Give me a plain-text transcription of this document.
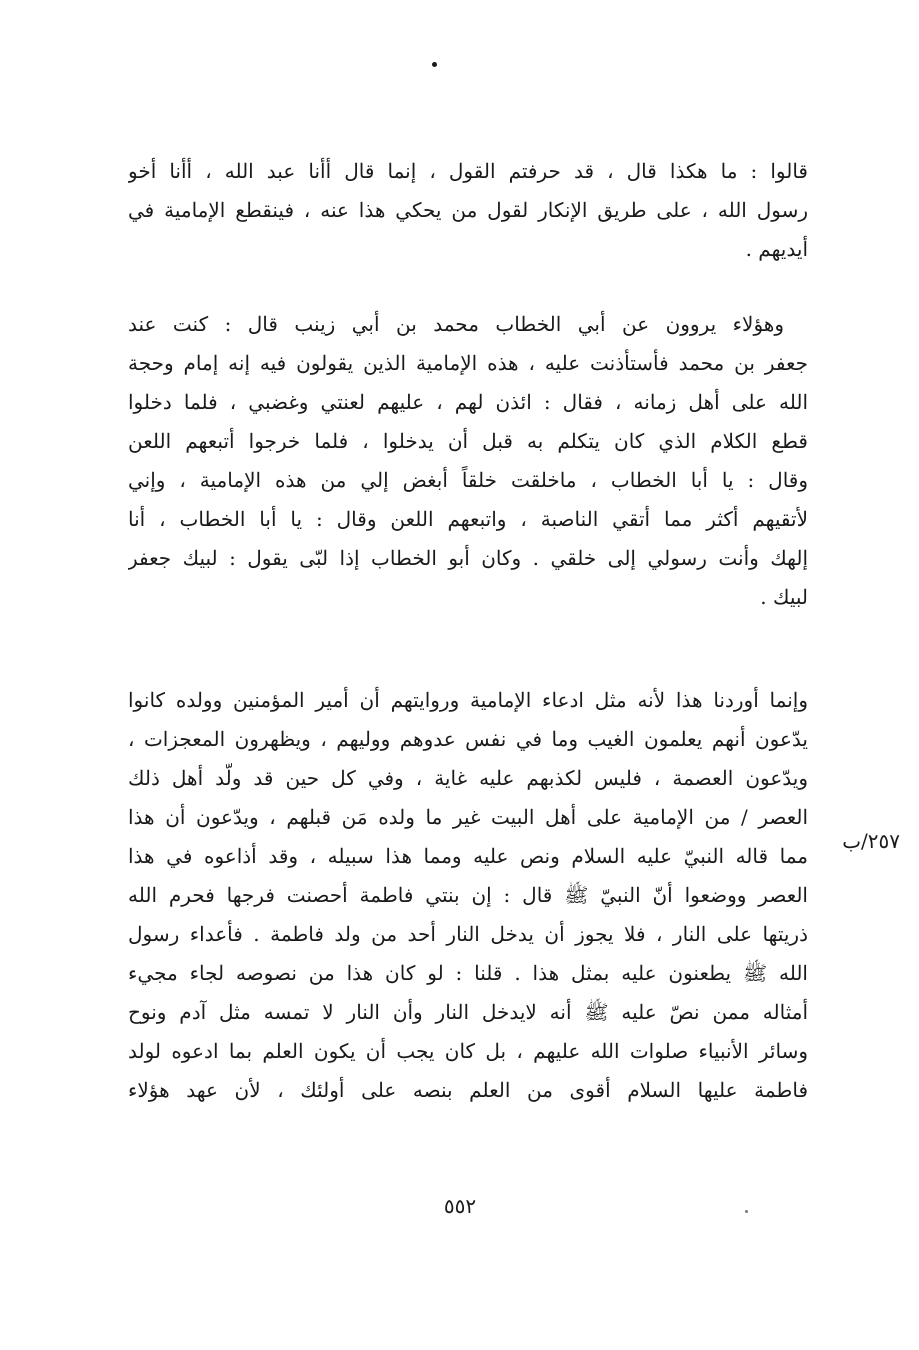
قالوا : ما هكذا قال ، قد حرفتم القول ، إنما قال أأنا عبد الله ، أأنا أخو
رسول الله ، على طريق الإنكار لقول من يحكي هذا عنه ، فينقطع الإمامية في
أيديهم .
وهؤلاء يروون عن أبي الخطاب محمد بن أبي زينب قال : كنت عند
جعفر بن محمد فأستأذنت عليه ، هذه الإمامية الذين يقولون فيه إنه إمام وحجة
الله على أهل زمانه ، فقال : ائذن لهم ، عليهم لعنتي وغضبي ، فلما دخلوا
قطع الكلام الذي كان يتكلم به قبل أن يدخلوا ، فلما خرجوا أتبعهم اللعن
وقال : يا أبا الخطاب ، ماخلقت خلقاً أبغض إلي من هذه الإمامية ، وإني
لأتقيهم أكثر مما أتقي الناصبة ، واتبعهم اللعن وقال : يا أبا الخطاب ، أنا
إلهك وأنت رسولي إلى خلقي . وكان أبو الخطاب إذا لبّى يقول : لبيك جعفر
لبيك .
وإنما أوردنا هذا لأنه مثل ادعاء الإمامية وروايتهم أن أمير المؤمنين وولده كانوا
يدّعون أنهم يعلمون الغيب وما في نفس عدوهم ووليهم ، ويظهرون المعجزات ،
ويدّعون العصمة ، فليس لكذبهم عليه غاية ، وفي كل حين قد ولّد أهل ذلك
العصر / من الإمامية على أهل البيت غير ما ولده مَن قبلهم ، ويدّعون أن هذا
مما قاله النبيّ عليه السلام ونص عليه ومما هذا سبيله ، وقد أذاعوه في هذا
العصر ووضعوا أنّ النبيّ ﷺ قال : إن بنتي فاطمة أحصنت فرجها فحرم الله
ذريتها على النار ، فلا يجوز أن يدخل النار أحد من ولد فاطمة . فأعداء رسول
الله ﷺ يطعنون عليه بمثل هذا . قلنا : لو كان هذا من نصوصه لجاء مجيء
أمثاله ممن نصّ عليه ﷺ أنه لايدخل النار وأن النار لا تمسه مثل آدم ونوح
وسائر الأنبياء صلوات الله عليهم ، بل كان يجب أن يكون العلم بما ادعوه لولد
فاطمة عليها السلام أقوى من العلم بنصه على أولئك ، لأن عهد هؤلاء
٢٥٧/ب
٥٥٢
